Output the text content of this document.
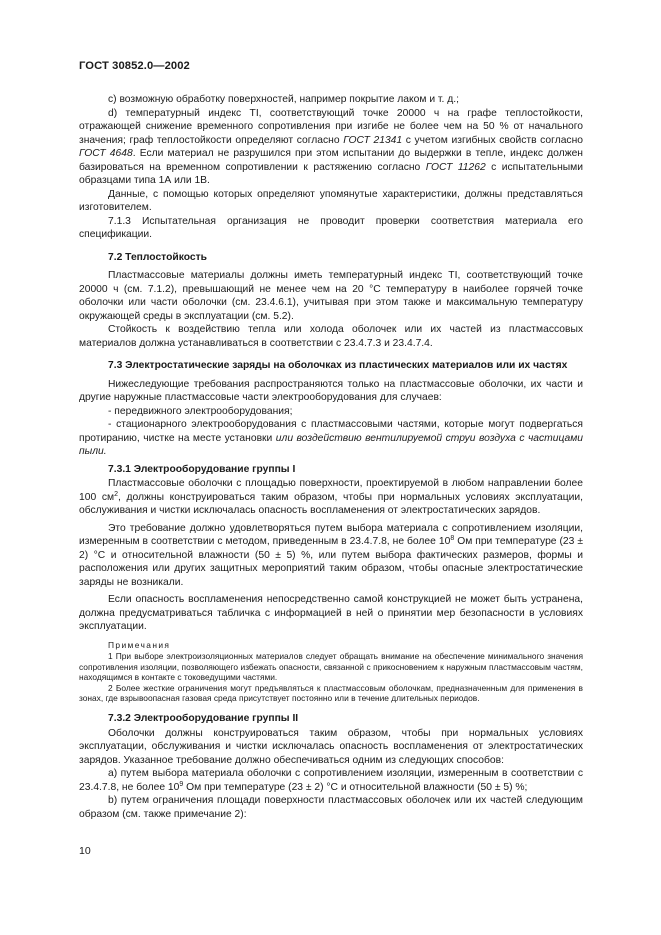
ГОСТ 30852.0—2002

c) возможную обработку поверхностей, например покрытие лаком и т. д.;

d) температурный индекс TI, соответствующий точке 20000 ч на графе теплостойкости, отражающей снижение временного сопротивления при изгибе не более чем на 50 % от начального значения; граф теплостойкости определяют согласно ГОСТ 21341 с учетом изгибных свойств согласно ГОСТ 4648. Если материал не разрушился при этом испытании до выдержки в тепле, индекс должен базироваться на временном сопротивлении к растяжению согласно ГОСТ 11262 с испытательными образцами типа 1А или 1В.

Данные, с помощью которых определяют упомянутые характеристики, должны представляться изготовителем.

7.1.3 Испытательная организация не проводит проверки соответствия материала его спецификации.

7.2 Теплостойкость

Пластмассовые материалы должны иметь температурный индекс TI, соответствующий точке 20000 ч (см. 7.1.2), превышающий не менее чем на 20 °С температуру в наиболее горячей точке оболочки или части оболочки (см. 23.4.6.1), учитывая при этом также и максимальную температуру окружающей среды в эксплуатации (см. 5.2).

Стойкость к воздействию тепла или холода оболочек или их частей из пластмассовых материалов должна устанавливаться в соответствии с 23.4.7.3 и 23.4.7.4.

7.3 Электростатические заряды на оболочках из пластических материалов или их частях

Нижеследующие требования распространяются только на пластмассовые оболочки, их части и другие наружные пластмассовые части электрооборудования для случаев:

- передвижного электрооборудования;

- стационарного электрооборудования с пластмассовыми частями, которые могут подвергаться протиранию, чистке на месте установки или воздействию вентилируемой струи воздуха с частицами пыли.

7.3.1 Электрооборудование группы I

Пластмассовые оболочки с площадью поверхности, проектируемой в любом направлении более 100 $см^2$, должны конструироваться таким образом, чтобы при нормальных условиях эксплуатации, обслуживания и чистки исключалась опасность воспламенения от электростатических зарядов.

Это требование должно удовлетворяться путем выбора материала с сопротивлением изоляции, измеренным в соответствии с методом, приведенным в 23.4.7.8, не более $10^8$ Ом при температуре (23 ± 2) °С и относительной влажности (50 ± 5) %, или путем выбора фактических размеров, формы и расположения или других защитных мероприятий таким образом, чтобы опасные электростатические заряды не возникали.

Если опасность воспламенения непосредственно самой конструкцией не может быть устранена, должна предусматриваться табличка с информацией в ней о принятии мер безопасности в условиях эксплуатации.

Примечания

1 При выборе электроизоляционных материалов следует обращать внимание на обеспечение минимального значения сопротивления изоляции, позволяющего избежать опасности, связанной с прикосновением к наружным пластмассовым частям, находящимся в контакте с токоведущими частями.

2 Более жесткие ограничения могут предъявляться к пластмассовым оболочкам, предназначенным для применения в зонах, где взрывоопасная газовая среда присутствует постоянно или в течение длительных периодов.

7.3.2 Электрооборудование группы II

Оболочки должны конструироваться таким образом, чтобы при нормальных условиях эксплуатации, обслуживания и чистки исключалась опасность воспламенения от электростатических зарядов. Указанное требование должно обеспечиваться одним из следующих способов:

a) путем выбора материала оболочки с сопротивлением изоляции, измеренным в соответствии с 23.4.7.8, не более $10^9$ Ом при температуре (23 ± 2) °С и относительной влажности (50 ± 5) %;

b) путем ограничения площади поверхности пластмассовых оболочек или их частей следующим образом (см. также примечание 2):

10
